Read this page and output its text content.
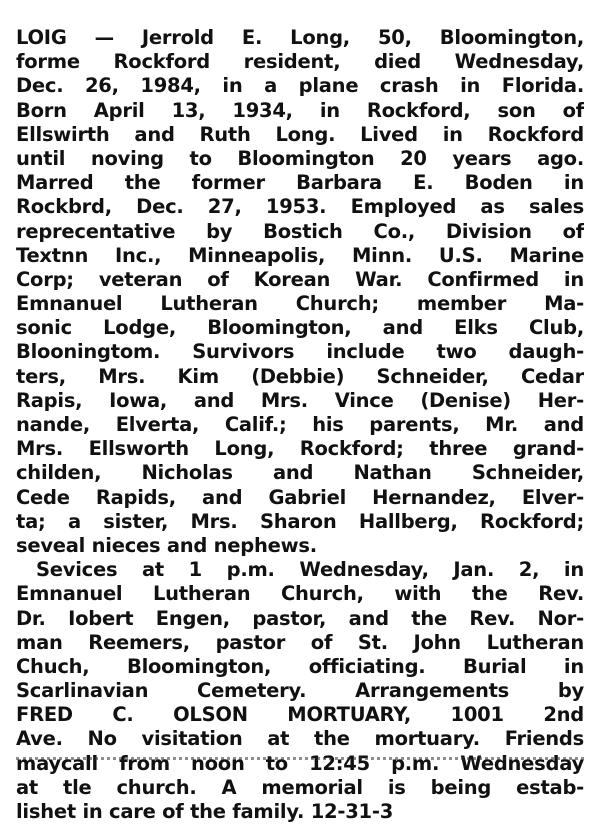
LOIG — Jerrold E. Long, 50, Bloomington,
forme Rockford resident, died Wednesday,
Dec. 26, 1984, in a plane crash in Florida.
Born April 13, 1934, in Rockford, son of
Ellswirth and Ruth Long. Lived in Rockford
until noving to Bloomington 20 years ago.
Marred the former Barbara E. Boden in
Rockbrd, Dec. 27, 1953. Employed as sales
reprecentative by Bostich Co., Division of
Textnn Inc., Minneapolis, Minn. U.S. Marine
Corp; veteran of Korean War. Confirmed in
Emnanuel Lutheran Church; member Ma-
sonic Lodge, Bloomington, and Elks Club,
Blooningtom. Survivors include two daugh-
ters, Mrs. Kim (Debbie) Schneider, Cedar
Rapis, Iowa, and Mrs. Vince (Denise) Her-
nande, Elverta, Calif.; his parents, Mr. and
Mrs. Ellsworth Long, Rockford; three grand-
childen, Nicholas and Nathan Schneider,
Cede Rapids, and Gabriel Hernandez, Elver-
ta; a sister, Mrs. Sharon Hallberg, Rockford;
seveal nieces and nephews.
Sevices at 1 p.m. Wednesday, Jan. 2, in
Emnanuel Lutheran Church, with the Rev.
Dr. Iobert Engen, pastor, and the Rev. Nor-
man Reemers, pastor of St. John Lutheran
Chuch, Bloomington, officiating. Burial in
Scarlinavian Cemetery. Arrangements by
FRED C. OLSON MORTUARY, 1001 2nd
Ave. No visitation at the mortuary. Friends
maycall from noon to 12:45 p.m. Wednesday
at tle church. A memorial is being estab-
lishet in care of the family. 12-31-3
